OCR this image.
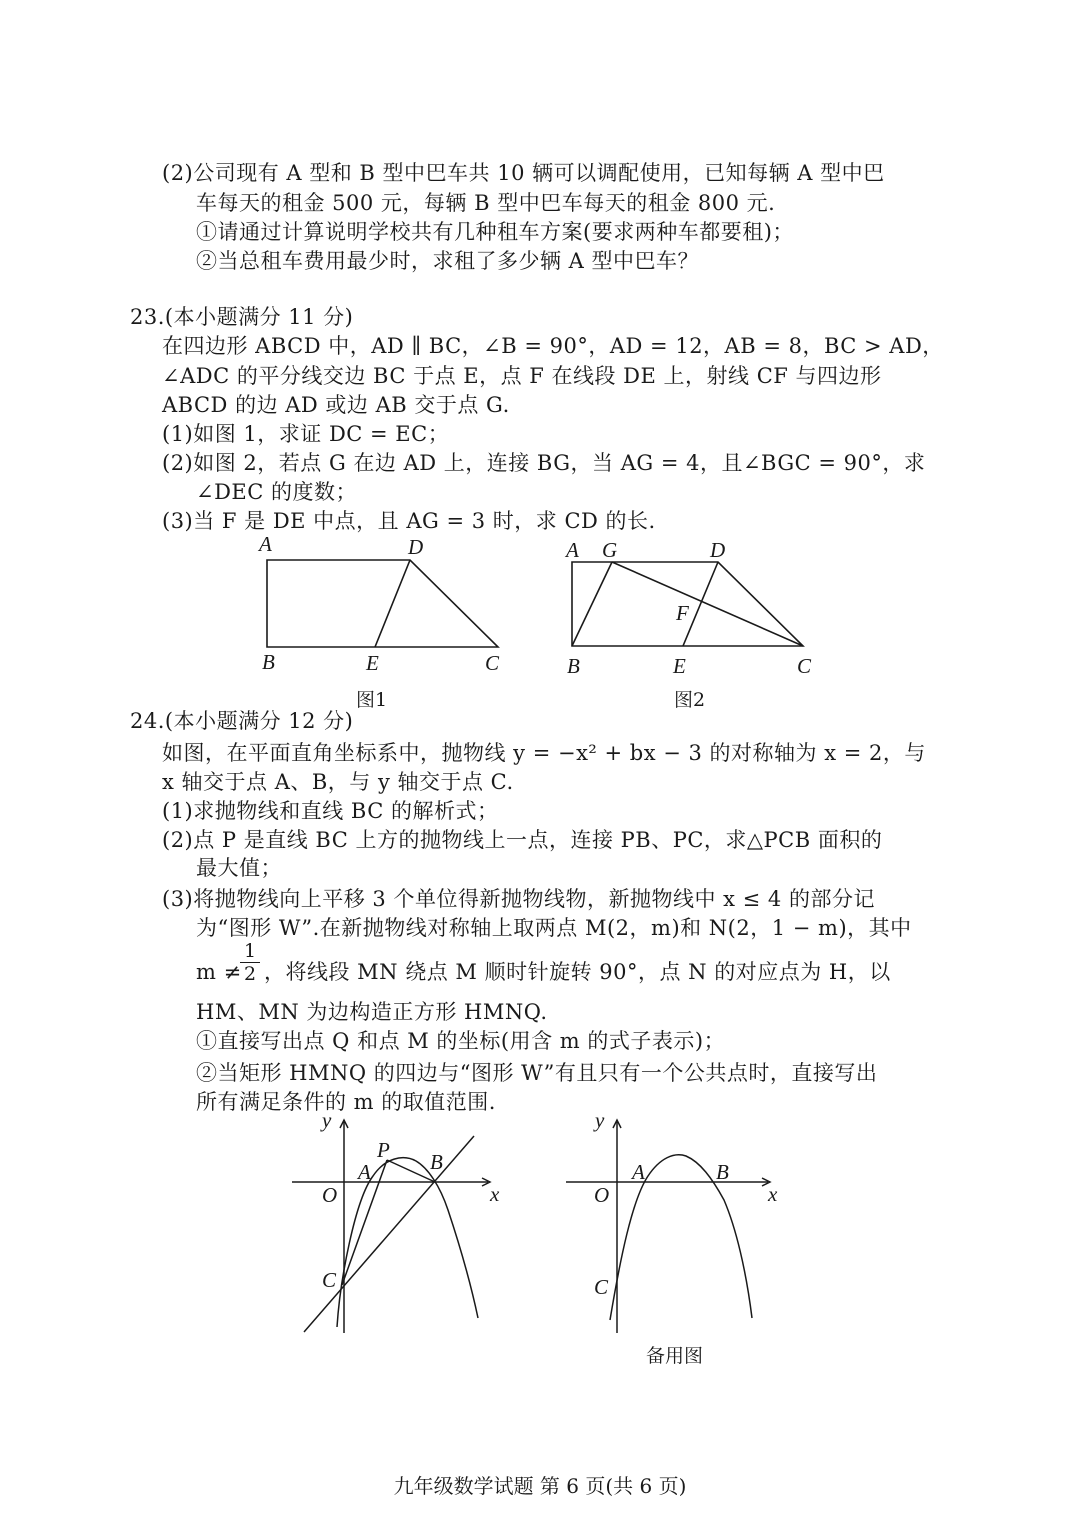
(2)公司现有 A 型和 B 型中巴车共 10 辆可以调配使用，已知每辆 A 型中巴
车每天的租金 500 元，每辆 B 型中巴车每天的租金 800 元.
①请通过计算说明学校共有几种租车方案(要求两种车都要租)；
②当总租车费用最少时，求租了多少辆 A 型中巴车？
23.(本小题满分 11 分)
在四边形 ABCD 中，AD ∥ BC，∠B = 90°，AD = 12，AB = 8，BC > AD，
∠ADC 的平分线交边 BC 于点 E，点 F 在线段 DE 上，射线 CF 与四边形
ABCD 的边 AD 或边 AB 交于点 G.
(1)如图 1，求证 DC = EC；
(2)如图 2，若点 G 在边 AD 上，连接 BG，当 AG = 4，且∠BGC = 90°，求
∠DEC 的度数；
(3)当 F 是 DE 中点，且 AG = 3 时，求 CD 的长.
A	D
B	E	C
图1
A G	D
F
B	E	C
图2
24.(本小题满分 12 分)
如图，在平面直角坐标系中，抛物线 y = −x² + bx − 3 的对称轴为 x = 2，与
x 轴交于点 A、B，与 y 轴交于点 C.
(1)求抛物线和直线 BC 的解析式；
(2)点 P 是直线 BC 上方的抛物线上一点，连接 PB、PC，求△PCB 面积的
最大值；
(3)将抛物线向上平移 3 个单位得新抛物线物，新抛物线中 x ≤ 4 的部分记
为“图形 W”.在新抛物线对称轴上取两点 M(2，m)和 N(2，1 − m)，其中
m ≠
$\frac{1}{2}$ ，将线段 MN 绕点 M 顺时针旋转 90°，点 N 的对应点为 H，以
HM、MN 为边构造正方形 HMNQ.
①直接写出点 Q 和点 M 的坐标(用含 m 的式子表示)；
②当矩形 HMNQ 的四边与“图形 W”有且只有一个公共点时，直接写出
所有满足条件的 m 的取值范围.
y
x
O
P
A	B
C
y
x
O
A	B
C
备用图
九年级数学试题 第 6 页(共 6 页)
